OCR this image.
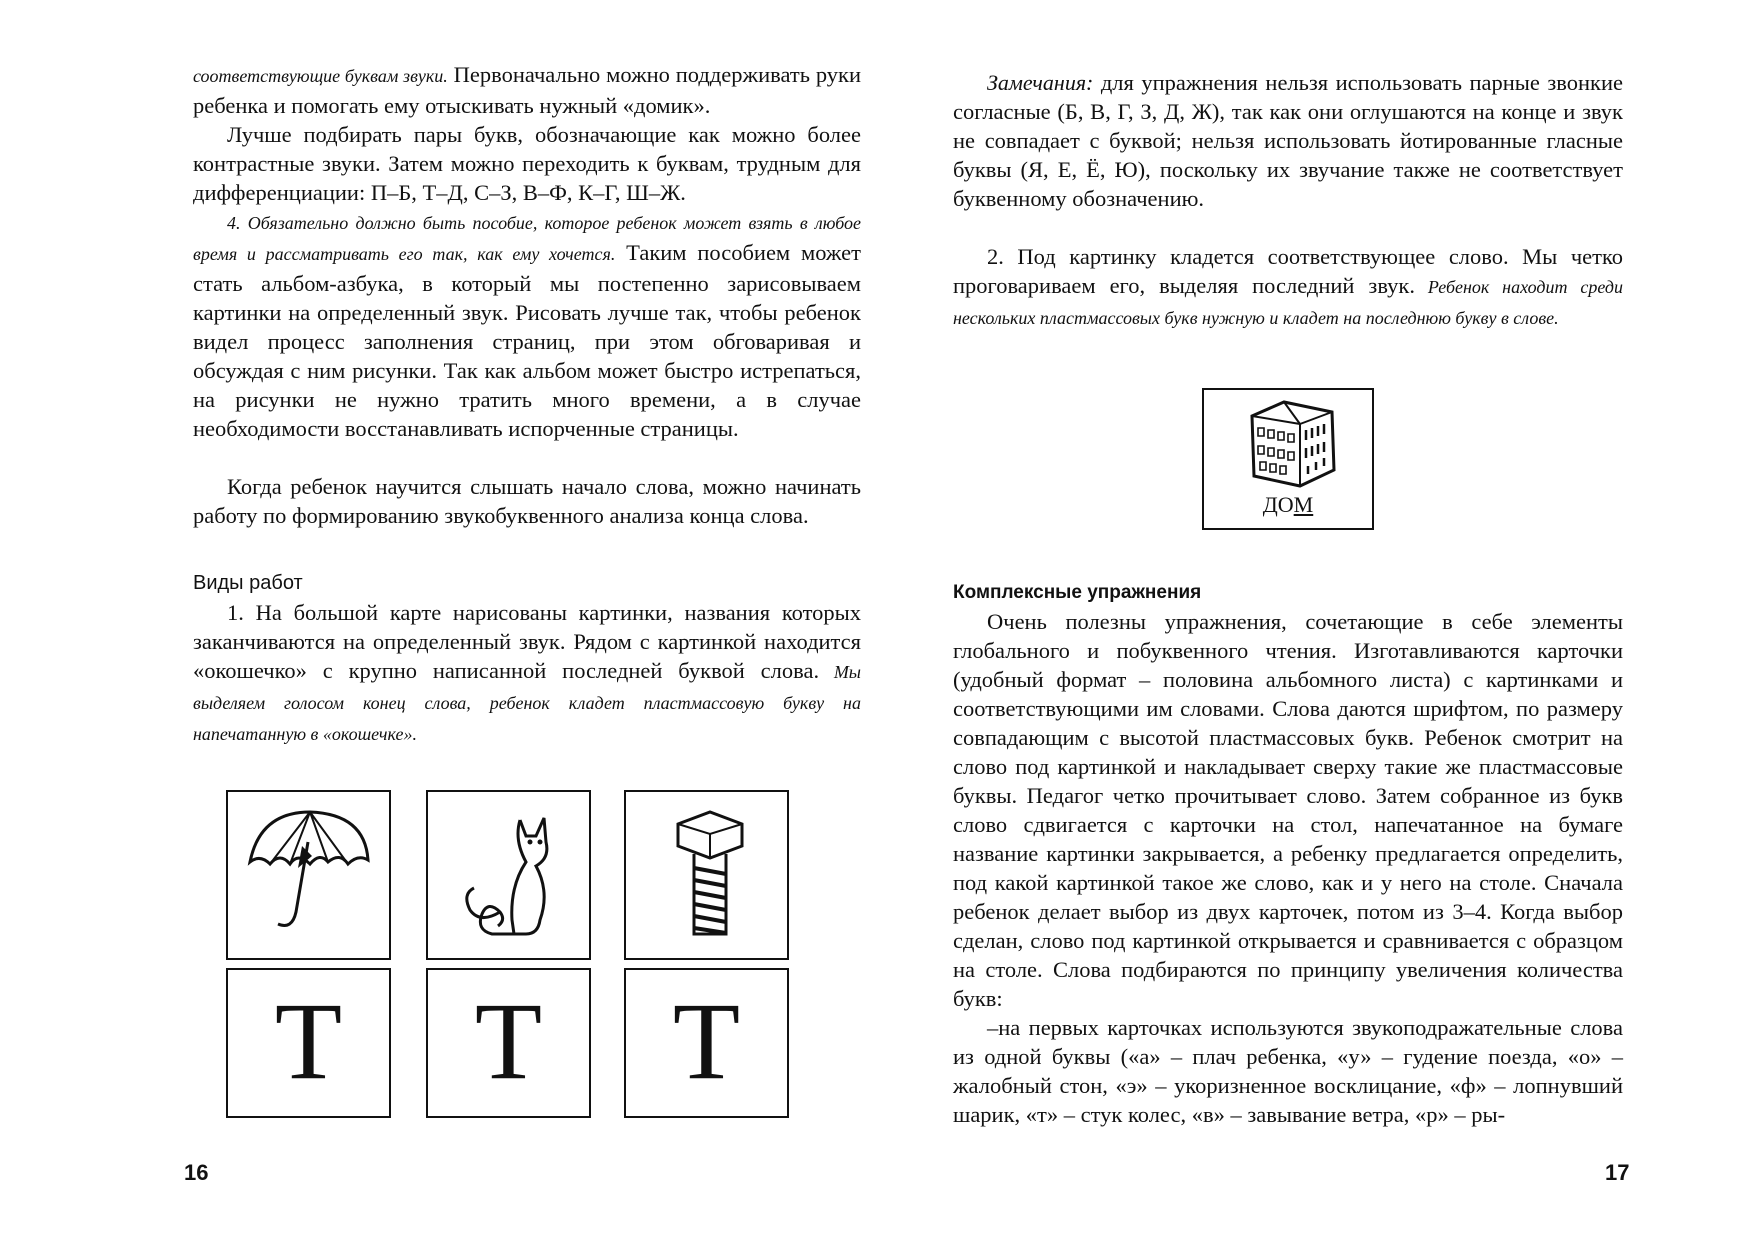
соответствующие буквам звуки. Первоначально можно поддерживать руки ребенка и помогать ему отыскивать нужный «домик».

Лучше подбирать пары букв, обозначающие как можно более контрастные звуки. Затем можно переходить к буквам, трудным для дифференциации: П–Б, Т–Д, С–З, В–Ф, К–Г, Ш–Ж.

4. Обязательно должно быть пособие, которое ребенок может взять в любое время и рассматривать его так, как ему хочется. Таким пособием может стать альбом-азбука, в который мы постепенно зарисовываем картинки на определенный звук. Рисовать лучше так, чтобы ребенок видел процесс заполнения страниц, при этом обговаривая и обсуждая с ним рисунки. Так как альбом может быстро истрепаться, на рисунки не нужно тратить много времени, а в случае необходимости восстанавливать испорченные страницы.

Когда ребенок научится слышать начало слова, можно начинать работу по формированию звукобуквенного анализа конца слова.

Виды работ

1. На большой карте нарисованы картинки, названия которых заканчиваются на определенный звук. Рядом с картинкой находится «окошечко» с крупно написанной последней буквой слова. Мы выделяем голосом конец слова, ребенок кладет пластмассовую букву на напечатанную в «окошечке».

Т	Т	Т
16

Замечания: для упражнения нельзя использовать парные звонкие согласные (Б, В, Г, З, Д, Ж), так как они оглушаются на конце и звук не совпадает с буквой; нельзя использовать йотированные гласные буквы (Я, Е, Ё, Ю), поскольку их звучание также не соответствует буквенному обозначению.

2. Под картинку кладется соответствующее слово. Мы четко проговариваем его, выделяя последний звук. Ребенок находит среди нескольких пластмассовых букв нужную и кладет на последнюю букву в слове.

Комплексные упражнения

Очень полезны упражнения, сочетающие в себе элементы глобального и побуквенного чтения. Изготавливаются карточки (удобный формат – половина альбомного листа) с картинками и соответствующими им словами. Слова даются шрифтом, по размеру совпадающим с высотой пластмассовых букв. Ребенок смотрит на слово под картинкой и накладывает сверху такие же пластмассовые буквы. Педагог четко прочитывает слово. Затем собранное из букв слово сдвигается с карточки на стол, напечатанное на бумаге название картинки закрывается, а ребенку предлагается определить, под какой картинкой такое же слово, как и у него на столе. Сначала ребенок делает выбор из двух карточек, потом из 3–4. Когда выбор сделан, слово под картинкой открывается и сравнивается с образцом на столе. Слова подбираются по принципу увеличения количества букв:

–на первых карточках используются звукоподражательные слова из одной буквы («а» – плач ребенка, «у» – гудение поезда, «о» – жалобный стон, «э» – укоризненное восклицание, «ф» – лопнувший шарик, «т» – стук колес, «в» – завывание ветра, «р» – ры-

17
ДОМ
